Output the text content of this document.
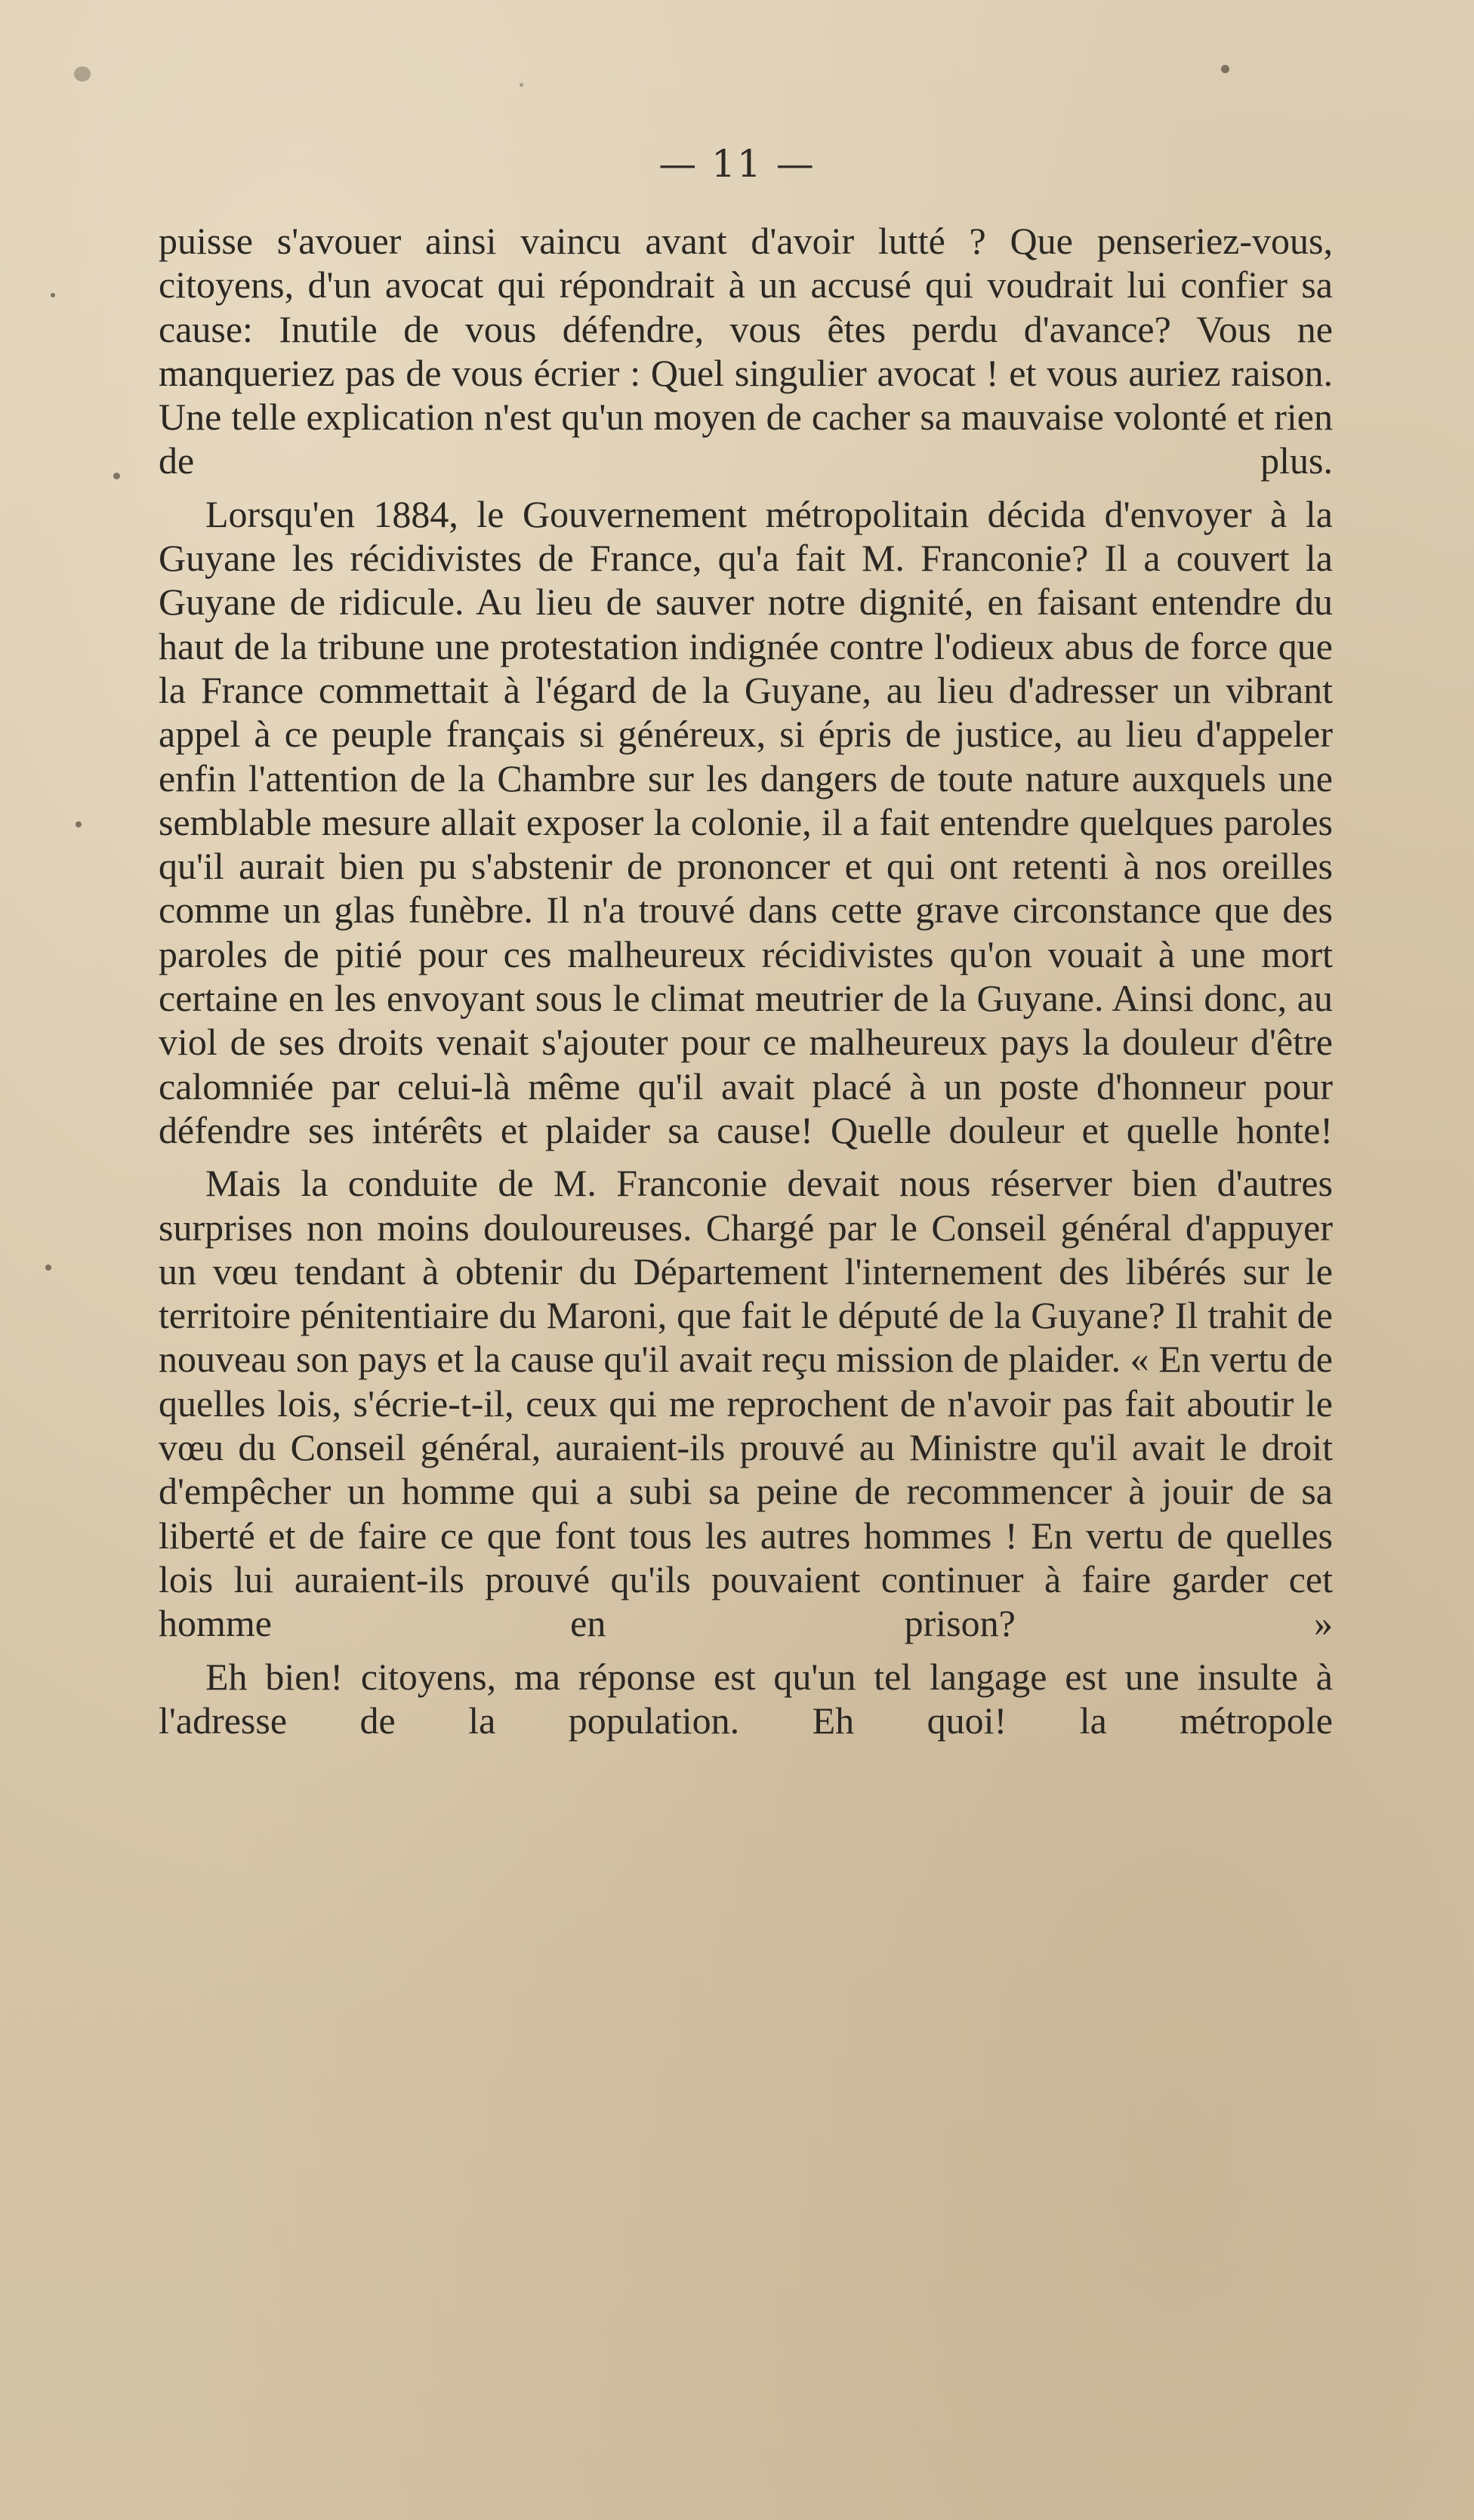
— 11 —

puisse s'avouer ainsi vaincu avant d'avoir lutté ? Que penseriez-vous, citoyens, d'un avocat qui répondrait à un accusé qui voudrait lui confier sa cause: Inutile de vous défendre, vous êtes perdu d'avance? Vous ne manqueriez pas de vous écrier : Quel singulier avocat ! et vous auriez raison. Une telle explication n'est qu'un moyen de cacher sa mauvaise volonté et rien de plus.

Lorsqu'en 1884, le Gouvernement métropolitain décida d'envoyer à la Guyane les récidivistes de France, qu'a fait M. Franconie? Il a couvert la Guyane de ridicule. Au lieu de sauver notre dignité, en faisant entendre du haut de la tribune une protestation indignée contre l'odieux abus de force que la France commettait à l'égard de la Guyane, au lieu d'adresser un vibrant appel à ce peuple français si généreux, si épris de justice, au lieu d'appeler enfin l'attention de la Chambre sur les dangers de toute nature auxquels une semblable mesure allait exposer la colonie, il a fait entendre quelques paroles qu'il aurait bien pu s'abstenir de prononcer et qui ont retenti à nos oreilles comme un glas funèbre. Il n'a trouvé dans cette grave circonstance que des paroles de pitié pour ces malheureux récidivistes qu'on vouait à une mort certaine en les envoyant sous le climat meutrier de la Guyane. Ainsi donc, au viol de ses droits venait s'ajouter pour ce malheureux pays la douleur d'être calomniée par celui-là même qu'il avait placé à un poste d'honneur pour défendre ses intérêts et plaider sa cause! Quelle douleur et quelle honte!

Mais la conduite de M. Franconie devait nous réserver bien d'autres surprises non moins douloureuses. Chargé par le Conseil général d'appuyer un vœu tendant à obtenir du Département l'internement des libérés sur le territoire pénitentiaire du Maroni, que fait le député de la Guyane? Il trahit de nouveau son pays et la cause qu'il avait reçu mission de plaider. « En vertu de quelles lois, s'écrie-t-il, ceux qui me reprochent de n'avoir pas fait aboutir le vœu du Conseil général, auraient-ils prouvé au Ministre qu'il avait le droit d'empêcher un homme qui a subi sa peine de recommencer à jouir de sa liberté et de faire ce que font tous les autres hommes ! En vertu de quelles lois lui auraient-ils prouvé qu'ils pouvaient continuer à faire garder cet homme en prison? »

Eh bien! citoyens, ma réponse est qu'un tel langage est une insulte à l'adresse de la population. Eh quoi! la métropole
